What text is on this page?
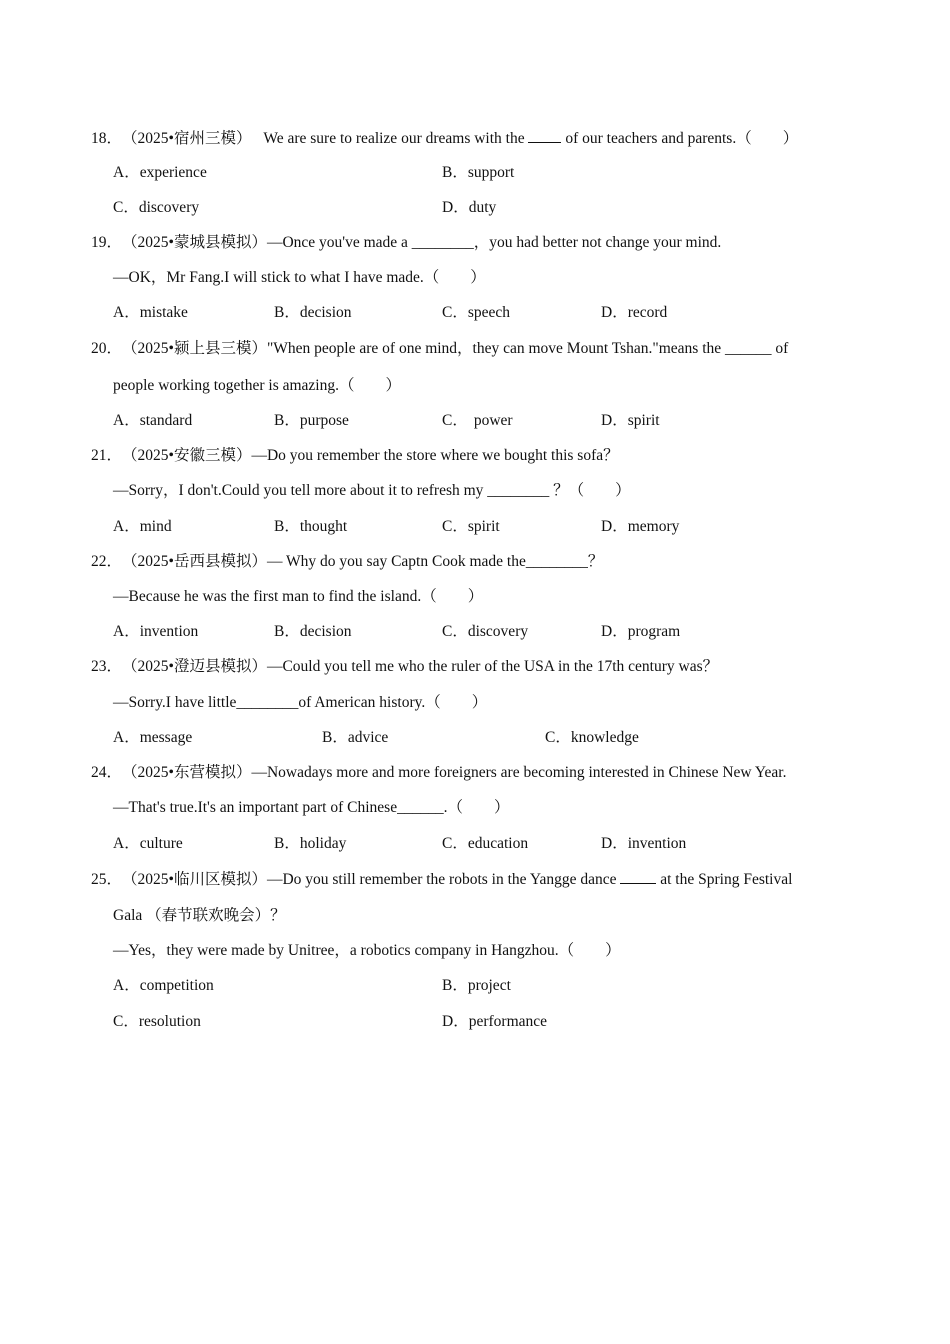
18．（2025•宿州三模） We are sure to realize our dreams with the	of our teachers and parents.（　　）
A．experience	B．support
C．discovery	D．duty
19．（2025•蒙城县模拟）—Once you've made a ________，you had better not change your mind.
—OK，Mr Fang.I will stick to what I have made.（　　）
A．mistake	B．decision	C．speech	D．record
20．（2025•颍上县三模）"When people are of one mind，they can move Mount Tshan."means the ______ of
people working together is amazing.（　　）
A．standard	B．purpose	C． power	D．spirit
21．（2025•安徽三模）—Do you remember the store where we bought this sofa？
—Sorry，I don't.Could you tell more about it to refresh my ________ ？（　　）
A．mind	B．thought	C．spirit	D．memory
22．（2025•岳西县模拟）— Why do you say Captn Cook made the________？
—Because he was the first man to find the island.（　　）
A．invention	B．decision	C．discovery	D．program
23．（2025•澄迈县模拟）—Could you tell me who the ruler of the USA in the 17th century was？
—Sorry.I have little________of American history.（　　）
A．message	B．advice	C．knowledge
24．（2025•东营模拟）—Nowadays more and more foreigners are becoming interested in Chinese New Year.
—That's true.It's an important part of Chinese______.（　　）
A．culture	B．holiday	C．education	D．invention
25．（2025•临川区模拟）—Do you still remember the robots in the Yangge dance	at the Spring Festival
Gala （春节联欢晚会）？
—Yes，they were made by Unitree，a robotics company in Hangzhou.（　　）
A．competition	B．project
C．resolution	D．performance
